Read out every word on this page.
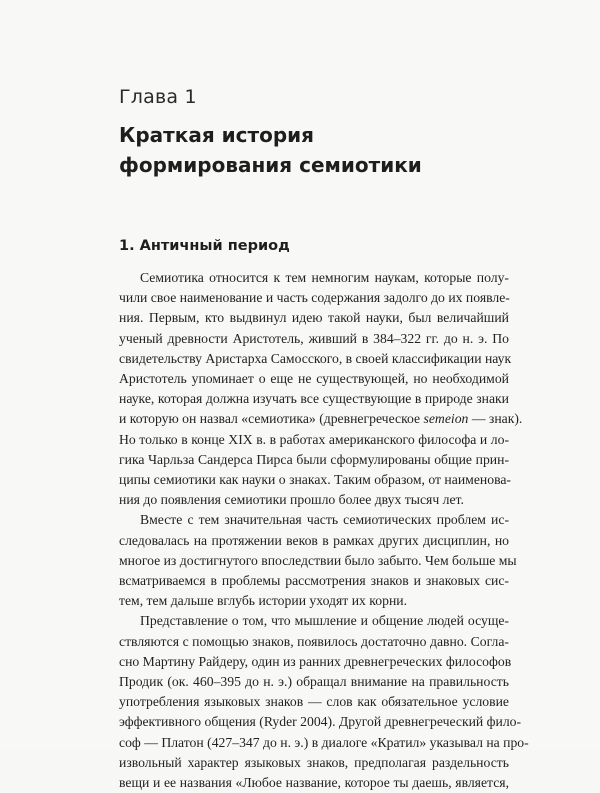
Глава 1
Краткая история
формирования семиотики
1. Античный период
Семиотика относится к тем немногим наукам, которые полу-
чили свое наименование и часть содержания задолго до их появле-
ния. Первым, кто выдвинул идею такой науки, был величайший
ученый древности Аристотель, живший в 384–322 гг. до н. э. По
свидетельству Аристарха Самосского, в своей классификации наук
Аристотель упоминает о еще не существующей, но необходимой
науке, которая должна изучать все существующие в природе знаки
и которую он назвал «семиотика» (древнегреческое semeion — знак).
Но только в конце XIX в. в работах американского философа и ло-
гика Чарльза Сандерса Пирса были сформулированы общие прин-
ципы семиотики как науки о знаках. Таким образом, от наименова-
ния до появления семиотики прошло более двух тысяч лет.
Вместе с тем значительная часть семиотических проблем ис-
следовалась на протяжении веков в рамках других дисциплин, но
многое из достигнутого впоследствии было забыто. Чем больше мы
всматриваемся в проблемы рассмотрения знаков и знаковых сис-
тем, тем дальше вглубь истории уходят их корни.
Представление о том, что мышление и общение людей осуще-
ствляются с помощью знаков, появилось достаточно давно. Согла-
сно Мартину Райдеру, один из ранних древнегреческих философов
Продик (ок. 460–395 до н. э.) обращал внимание на правильность
употребления языковых знаков — слов как обязательное условие
эффективного общения (Ryder 2004). Другой древнегреческий фило-
соф — Платон (427–347 до н. э.) в диалоге «Кратил» указывал на про-
извольный характер языковых знаков, предполагая раздельность
вещи и ее названия «Любое название, которое ты даешь, является,
